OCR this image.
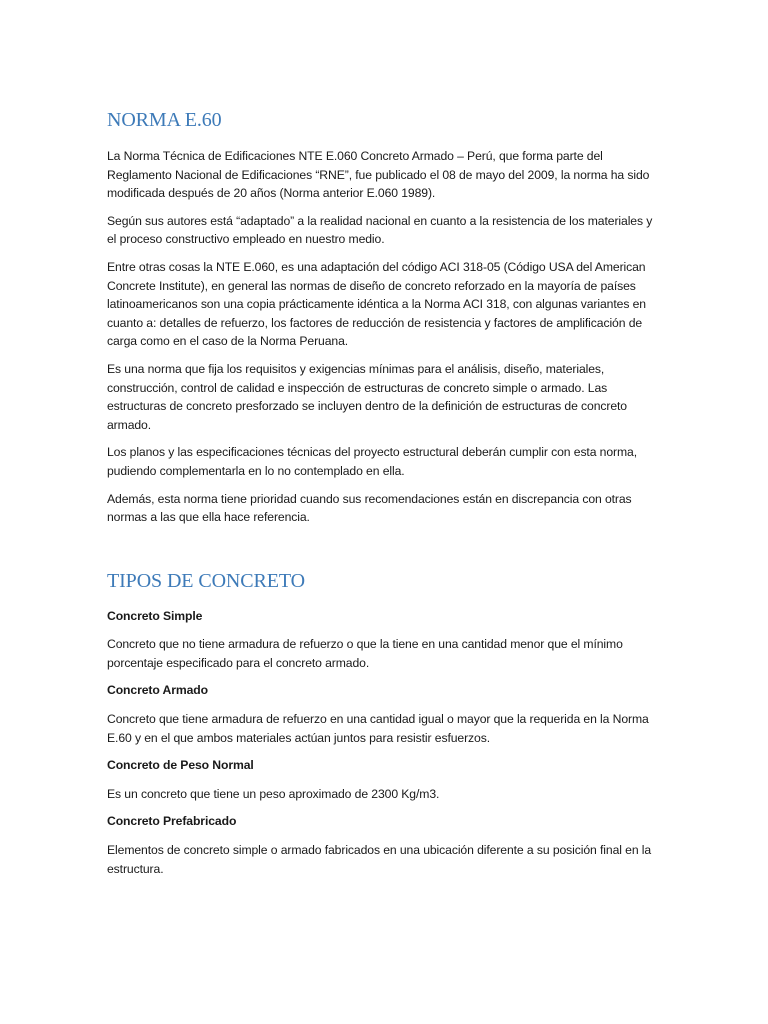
NORMA E.60

La Norma Técnica de Edificaciones NTE E.060 Concreto Armado – Perú, que forma parte del Reglamento Nacional de Edificaciones “RNE”, fue publicado el 08 de mayo del 2009, la norma ha sido modificada después de 20 años (Norma anterior E.060 1989).

Según sus autores está “adaptado” a la realidad nacional en cuanto a la resistencia de los materiales y el proceso constructivo empleado en nuestro medio.

Entre otras cosas la NTE E.060, es una adaptación del código ACI 318-05 (Código USA del American Concrete Institute), en general las normas de diseño de concreto reforzado en la mayoría de países latinoamericanos son una copia prácticamente idéntica a la Norma ACI 318, con algunas variantes en cuanto a: detalles de refuerzo, los factores de reducción de resistencia y factores de amplificación de carga como en el caso de la Norma Peruana.

Es una norma que fija los requisitos y exigencias mínimas para el análisis, diseño, materiales, construcción, control de calidad e inspección de estructuras de concreto simple o armado. Las estructuras de concreto presforzado se incluyen dentro de la definición de estructuras de concreto armado.

Los planos y las especificaciones técnicas del proyecto estructural deberán cumplir con esta norma, pudiendo complementarla en lo no contemplado en ella.

Además, esta norma tiene prioridad cuando sus recomendaciones están en discrepancia con otras normas a las que ella hace referencia.

TIPOS DE CONCRETO
Concreto Simple

Concreto que no tiene armadura de refuerzo o que la tiene en una cantidad menor que el mínimo porcentaje especificado para el concreto armado.

Concreto Armado

Concreto que tiene armadura de refuerzo en una cantidad igual o mayor que la requerida en la Norma E.60 y en el que ambos materiales actúan juntos para resistir esfuerzos.

Concreto de Peso Normal

Es un concreto que tiene un peso aproximado de 2300 Kg/m3.

Concreto Prefabricado

Elementos de concreto simple o armado fabricados en una ubicación diferente a su posición final en la estructura.
